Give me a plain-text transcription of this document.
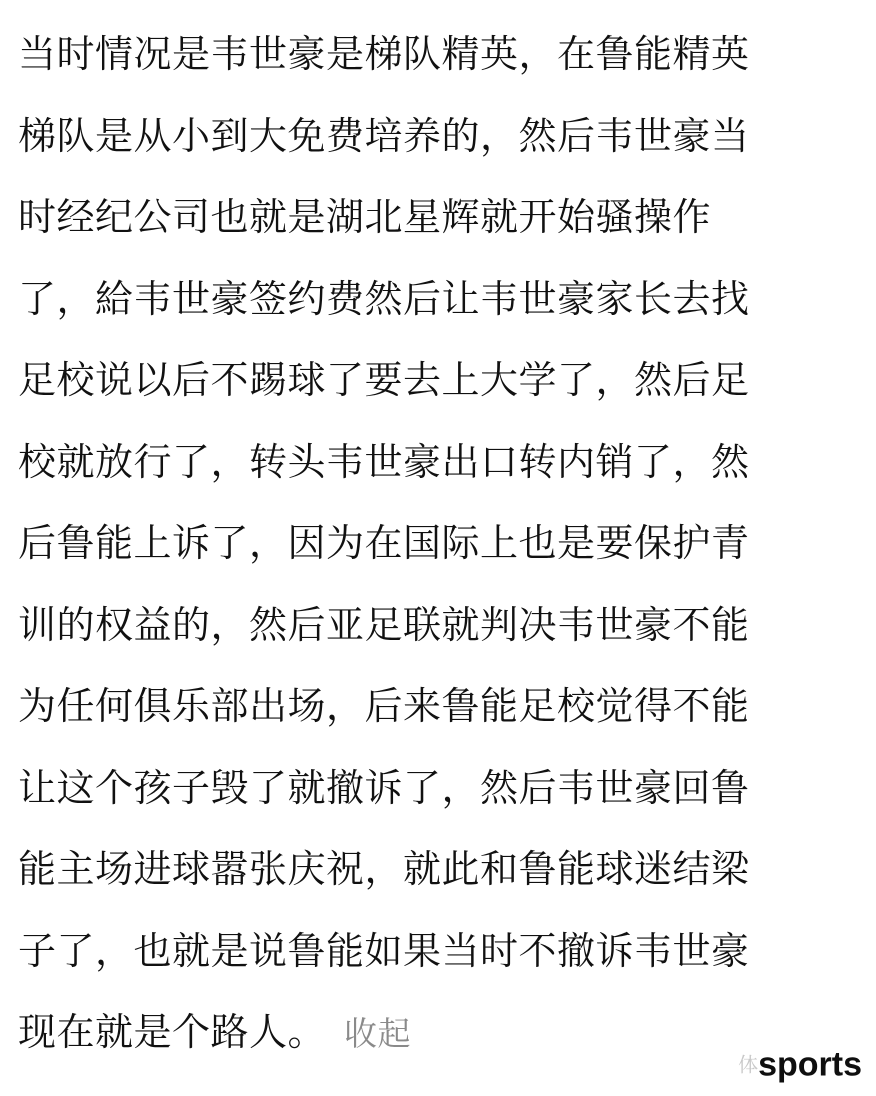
当时情况是韦世豪是梯队精英，在鲁能精英
梯队是从小到大免费培养的，然后韦世豪当
时经纪公司也就是湖北星辉就开始骚操作
了，給韦世豪签约费然后让韦世豪家长去找
足校说以后不踢球了要去上大学了，然后足
校就放行了，转头韦世豪出口转内销了，然
后鲁能上诉了，因为在国际上也是要保护青
训的权益的，然后亚足联就判决韦世豪不能
为任何俱乐部出场，后来鲁能足校觉得不能
让这个孩子毁了就撤诉了，然后韦世豪回鲁
能主场进球嚣张庆祝，就此和鲁能球迷结梁
子了，也就是说鲁能如果当时不撤诉韦世豪
现在就是个路人。 收起
体sports
